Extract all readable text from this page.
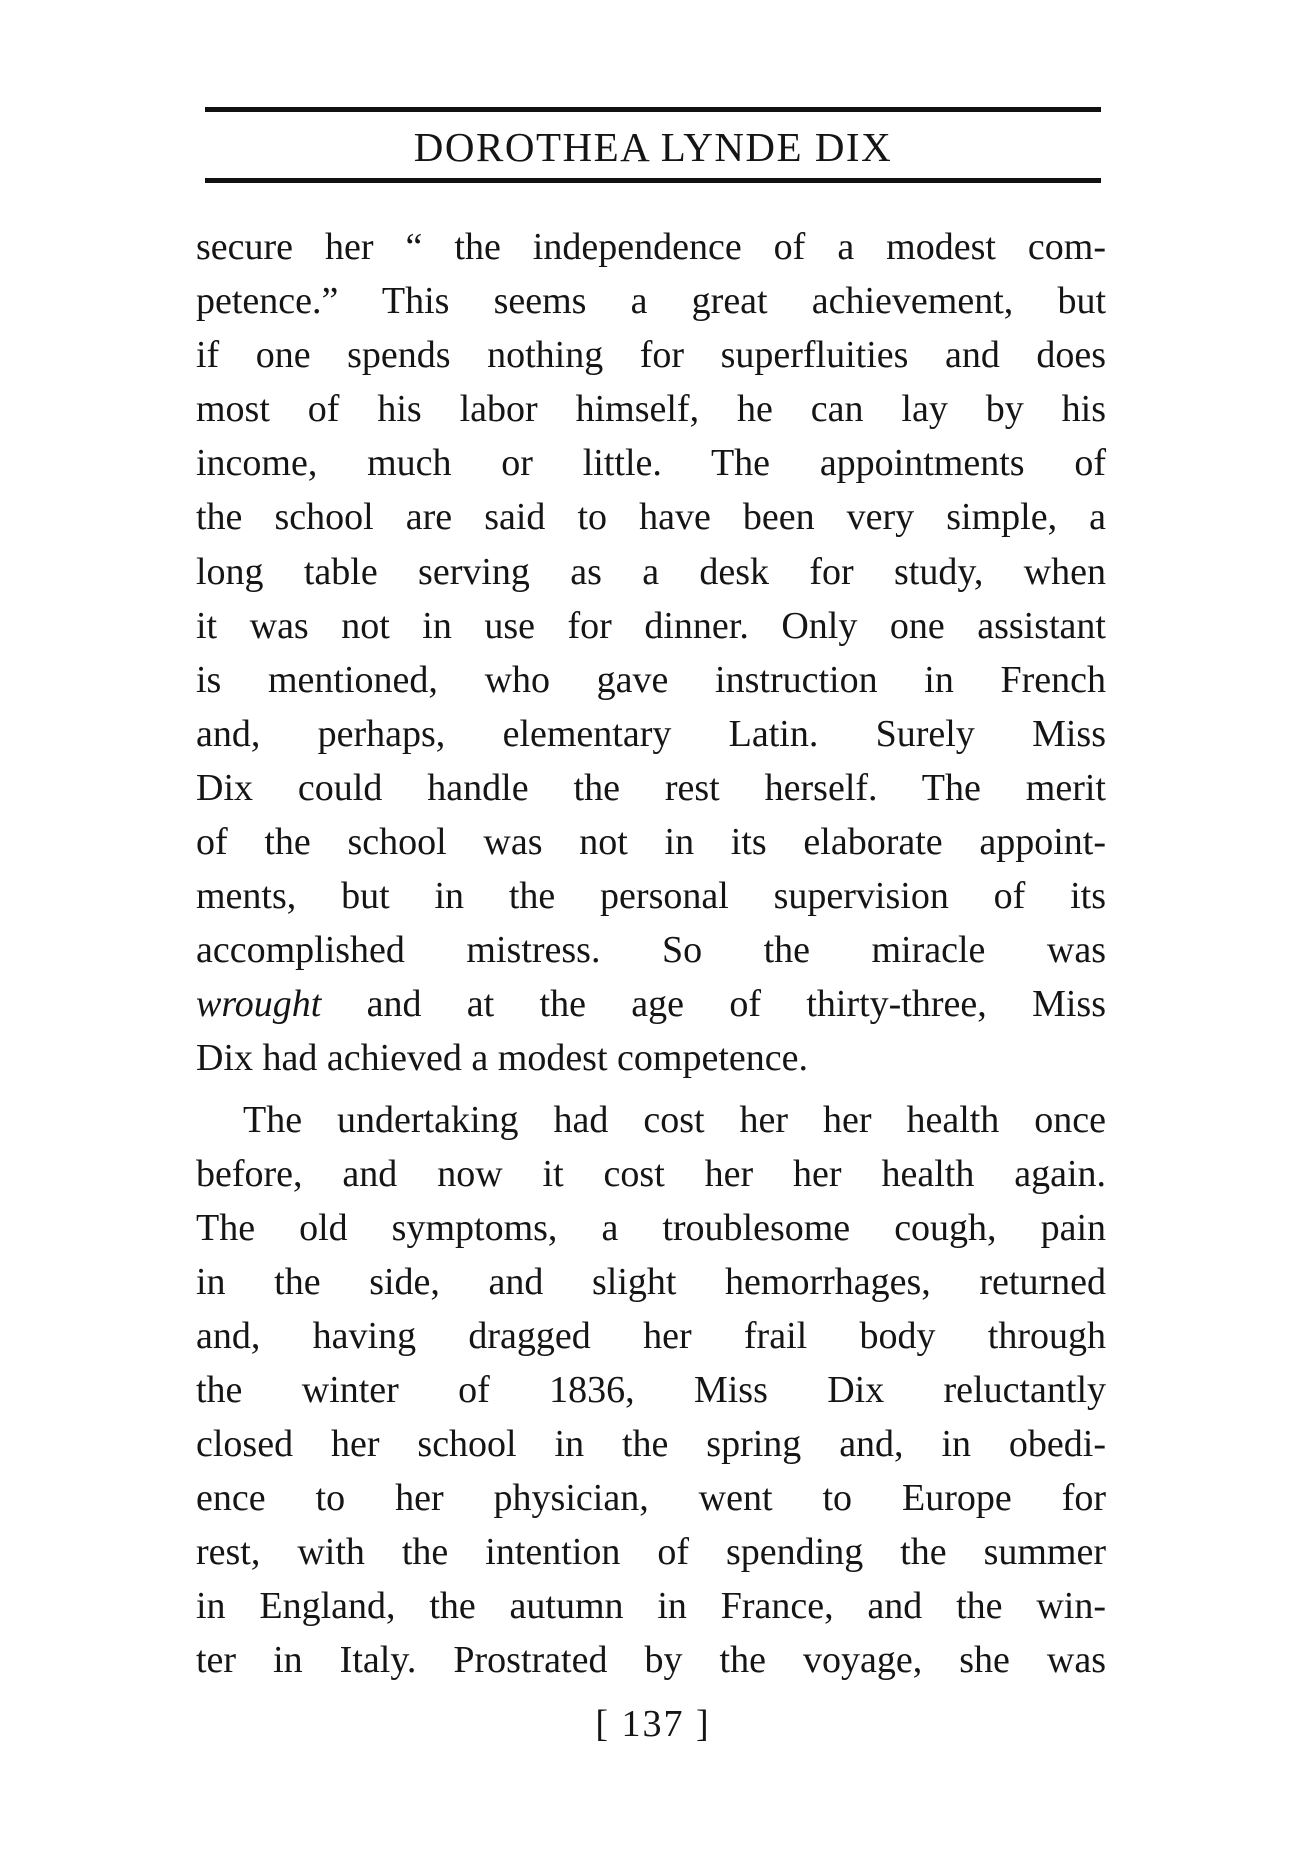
DOROTHEA LYNDE DIX
secure her “ the independence of a modest com-
petence.” This seems a great achievement, but
if one spends nothing for superfluities and does
most of his labor himself, he can lay by his
income, much or little. The appointments of
the school are said to have been very simple, a
long table serving as a desk for study, when
it was not in use for dinner. Only one assistant
is mentioned, who gave instruction in French
and, perhaps, elementary Latin. Surely Miss
Dix could handle the rest herself. The merit
of the school was not in its elaborate appoint-
ments, but in the personal supervision of its
accomplished mistress. So the miracle was
wrought and at the age of thirty-three, Miss
Dix had achieved a modest competence.
The undertaking had cost her her health once
before, and now it cost her her health again.
The old symptoms, a troublesome cough, pain
in the side, and slight hemorrhages, returned
and, having dragged her frail body through
the winter of 1836, Miss Dix reluctantly
closed her school in the spring and, in obedi-
ence to her physician, went to Europe for
rest, with the intention of spending the summer
in England, the autumn in France, and the win-
ter in Italy. Prostrated by the voyage, she was
[ 137 ]
